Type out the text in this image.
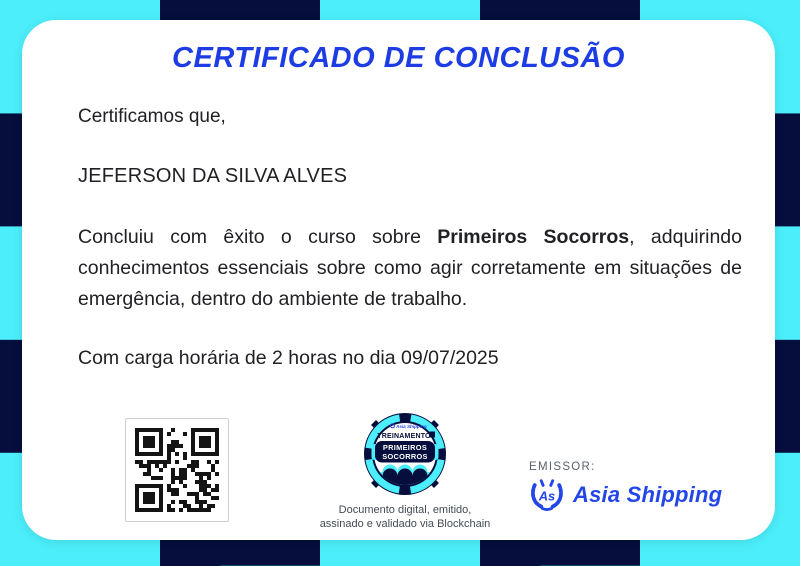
CERTIFICADO DE CONCLUSÃO
Certificamos que,
JEFERSON DA SILVA ALVES
Concluiu com êxito o curso sobre Primeiros Socorros, adquirindo conhecimentos essenciais sobre como agir corretamente em situações de emergência, dentro do ambiente de trabalho.
Com carga horária de 2 horas no dia 09/07/2025
Asia Shipping
TREINAMENTO
PRIMEIROS
SOCORROS
Documento digital, emitido,
assinado e validado via Blockchain
EMISSOR:
As Asia Shipping
